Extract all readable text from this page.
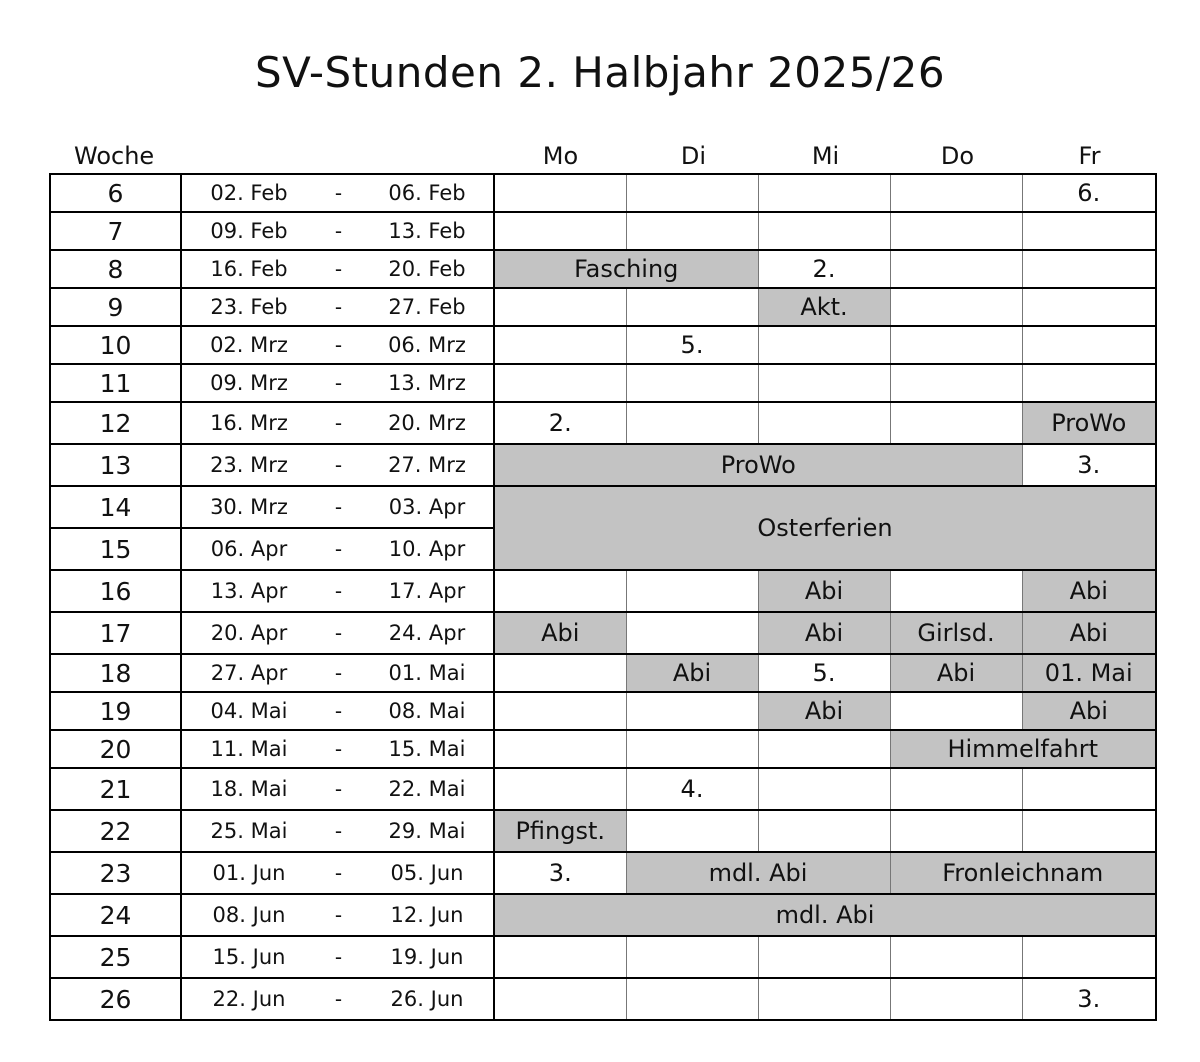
SV-Stunden 2. Halbjahr 2025/26
Woche	Mo	Di	Mi	Do	Fr
6	02. Feb	-	06. Feb					6.
7	09. Feb	-	13. Feb					
8	16. Feb	-	20. Feb	Fasching		2.		
9	23. Feb	-	27. Feb			Akt.		
10	02. Mrz	-	06. Mrz		5.			
11	09. Mrz	-	13. Mrz					
12	16. Mrz	-	20. Mrz	2.				ProWo
13	23. Mrz	-	27. Mrz	ProWo				3.
14	30. Mrz	-	03. Apr	Osterferien				
15	06. Apr	-	10. Apr					
16	13. Apr	-	17. Apr			Abi		Abi
17	20. Apr	-	24. Apr	Abi		Abi	Girlsd.	Abi
18	27. Apr	-	01. Mai		Abi	5.	Abi	01. Mai
19	04. Mai	-	08. Mai			Abi		Abi
20	11. Mai	-	15. Mai				Himmelfahrt	
21	18. Mai	-	22. Mai		4.			
22	25. Mai	-	29. Mai	Pfingst.				
23	01. Jun	-	05. Jun	3.	mdl. Abi		Fronleichnam	
24	08. Jun	-	12. Jun	mdl. Abi				
25	15. Jun	-	19. Jun					
26	22. Jun	-	26. Jun					3.
